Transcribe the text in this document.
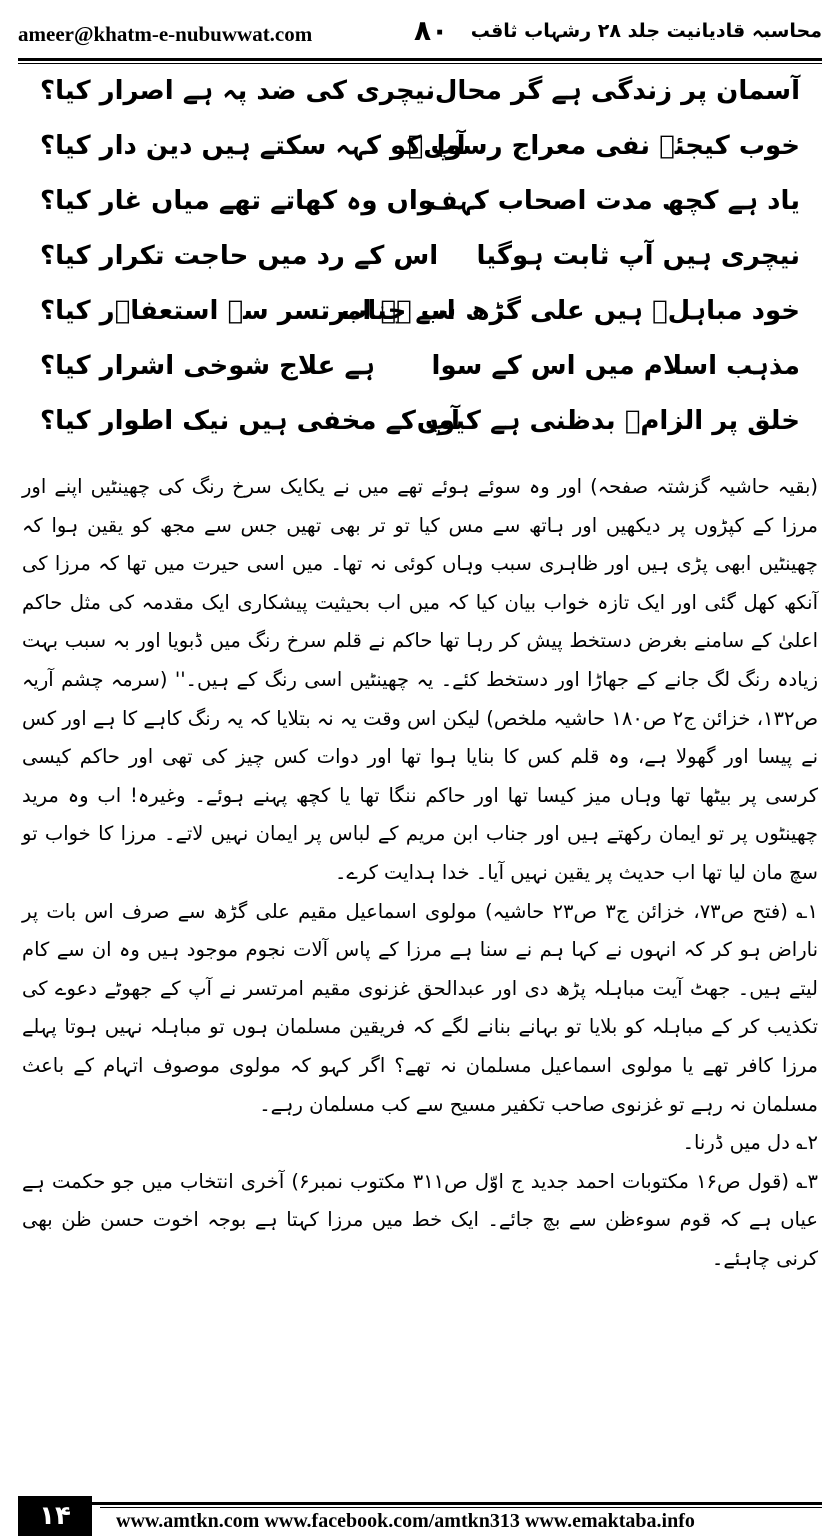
ameer@khatm-e-nubuwwat.com	۸۰ محاسبہ قادیانیت جلد ۲۸ رشہاب ثاقب
آسمان پر زندگی ہے گر محال
نیچری کی ضد پہ ہے اصرار کیا؟
خوب کیجئے نفی معراج رسولؐ
آپ کو کہہ سکتے ہیں دین دار کیا؟
یاد ہے کچھ مدت اصحاب کہف
واں وہ کھاتے تھے میاں غار کیا؟
نیچری ہیں آپ ثابت ہوگیا
اس کے رد میں حاجت تکرار کیا؟
خود مباہلؔ ہیں علی گڑھ سے جناب
اب ہے امرتسر سے استعفاؔر کیا؟
مذہب اسلام میں اس کے سوا
ہے علاج شوخی اشرار کیا؟
خلق پر الزامؔ بدظنی ہے کیوں
آپ کے مخفی ہیں نیک اطوار کیا؟

(بقیہ حاشیہ گزشتہ صفحہ) اور وہ سوئے ہوئے تھے میں نے یکایک سرخ رنگ کی چھینٹیں اپنے اور مرزا کے کپڑوں پر دیکھیں اور ہاتھ سے مس کیا تو تر بھی تھیں جس سے مجھ کو یقین ہوا کہ چھینٹیں ابھی پڑی ہیں اور ظاہری سبب وہاں کوئی نہ تھا۔ میں اسی حیرت میں تھا کہ مرزا کی آنکھ کھل گئی اور ایک تازہ خواب بیان کیا کہ میں اب بحیثیت پیشکاری ایک مقدمہ کی مثل حاکم اعلیٰ کے سامنے بغرض دستخط پیش کر رہا تھا حاکم نے قلم سرخ رنگ میں ڈبویا اور بہ سبب بہت زیادہ رنگ لگ جانے کے جھاڑا اور دستخط کئے۔ یہ چھینٹیں اسی رنگ کے ہیں۔'' (سرمہ چشم آریہ ص۱۳۲، خزائن ج۲ ص۱۸۰ حاشیہ ملخص) لیکن اس وقت یہ نہ بتلایا کہ یہ رنگ کاہے کا ہے اور کس نے پیسا اور گھولا ہے، وہ قلم کس کا بنایا ہوا تھا اور دوات کس چیز کی تھی اور حاکم کیسی کرسی پر بیٹھا تھا وہاں میز کیسا تھا اور حاکم ننگا تھا یا کچھ پہنے ہوئے۔ وغیرہ! اب وہ مرید چھینٹوں پر تو ایمان رکھتے ہیں اور جناب ابن مریم کے لباس پر ایمان نہیں لاتے۔ مرزا کا خواب تو سچ مان لیا تھا اب حدیث پر یقین نہیں آیا۔ خدا ہدایت کرے۔

۱؎ (فتح ص۷۳، خزائن ج۳ ص۲۳ حاشیہ) مولوی اسماعیل مقیم علی گڑھ سے صرف اس بات پر ناراض ہو کر کہ انہوں نے کہا ہم نے سنا ہے مرزا کے پاس آلات نجوم موجود ہیں وہ ان سے کام لیتے ہیں۔ جھٹ آیت مباہلہ پڑھ دی اور عبدالحق غزنوی مقیم امرتسر نے آپ کے جھوٹے دعوے کی تکذیب کر کے مباہلہ کو بلایا تو بہانے بنانے لگے کہ فریقین مسلمان ہوں تو مباہلہ نہیں ہوتا پہلے مرزا کافر تھے یا مولوی اسماعیل مسلمان نہ تھے؟ اگر کہو کہ مولوی موصوف اتہام کے باعث مسلمان نہ رہے تو غزنوی صاحب تکفیر مسیح سے کب مسلمان رہے۔

۲؎ دل میں ڈرنا۔

۳؎ (قول ص۱۶ مکتوبات احمد جدید ج اوّل ص۳۱۱ مکتوب نمبر۶) آخری انتخاب میں جو حکمت ہے عیاں ہے کہ قوم سوءظن سے بچ جائے۔ ایک خط میں مرزا کہتا ہے بوجہ اخوت حسن ظن بھی کرنی چاہئے۔

۱۴	www.amtkn.com www.facebook.com/amtkn313 www.emaktaba.info
